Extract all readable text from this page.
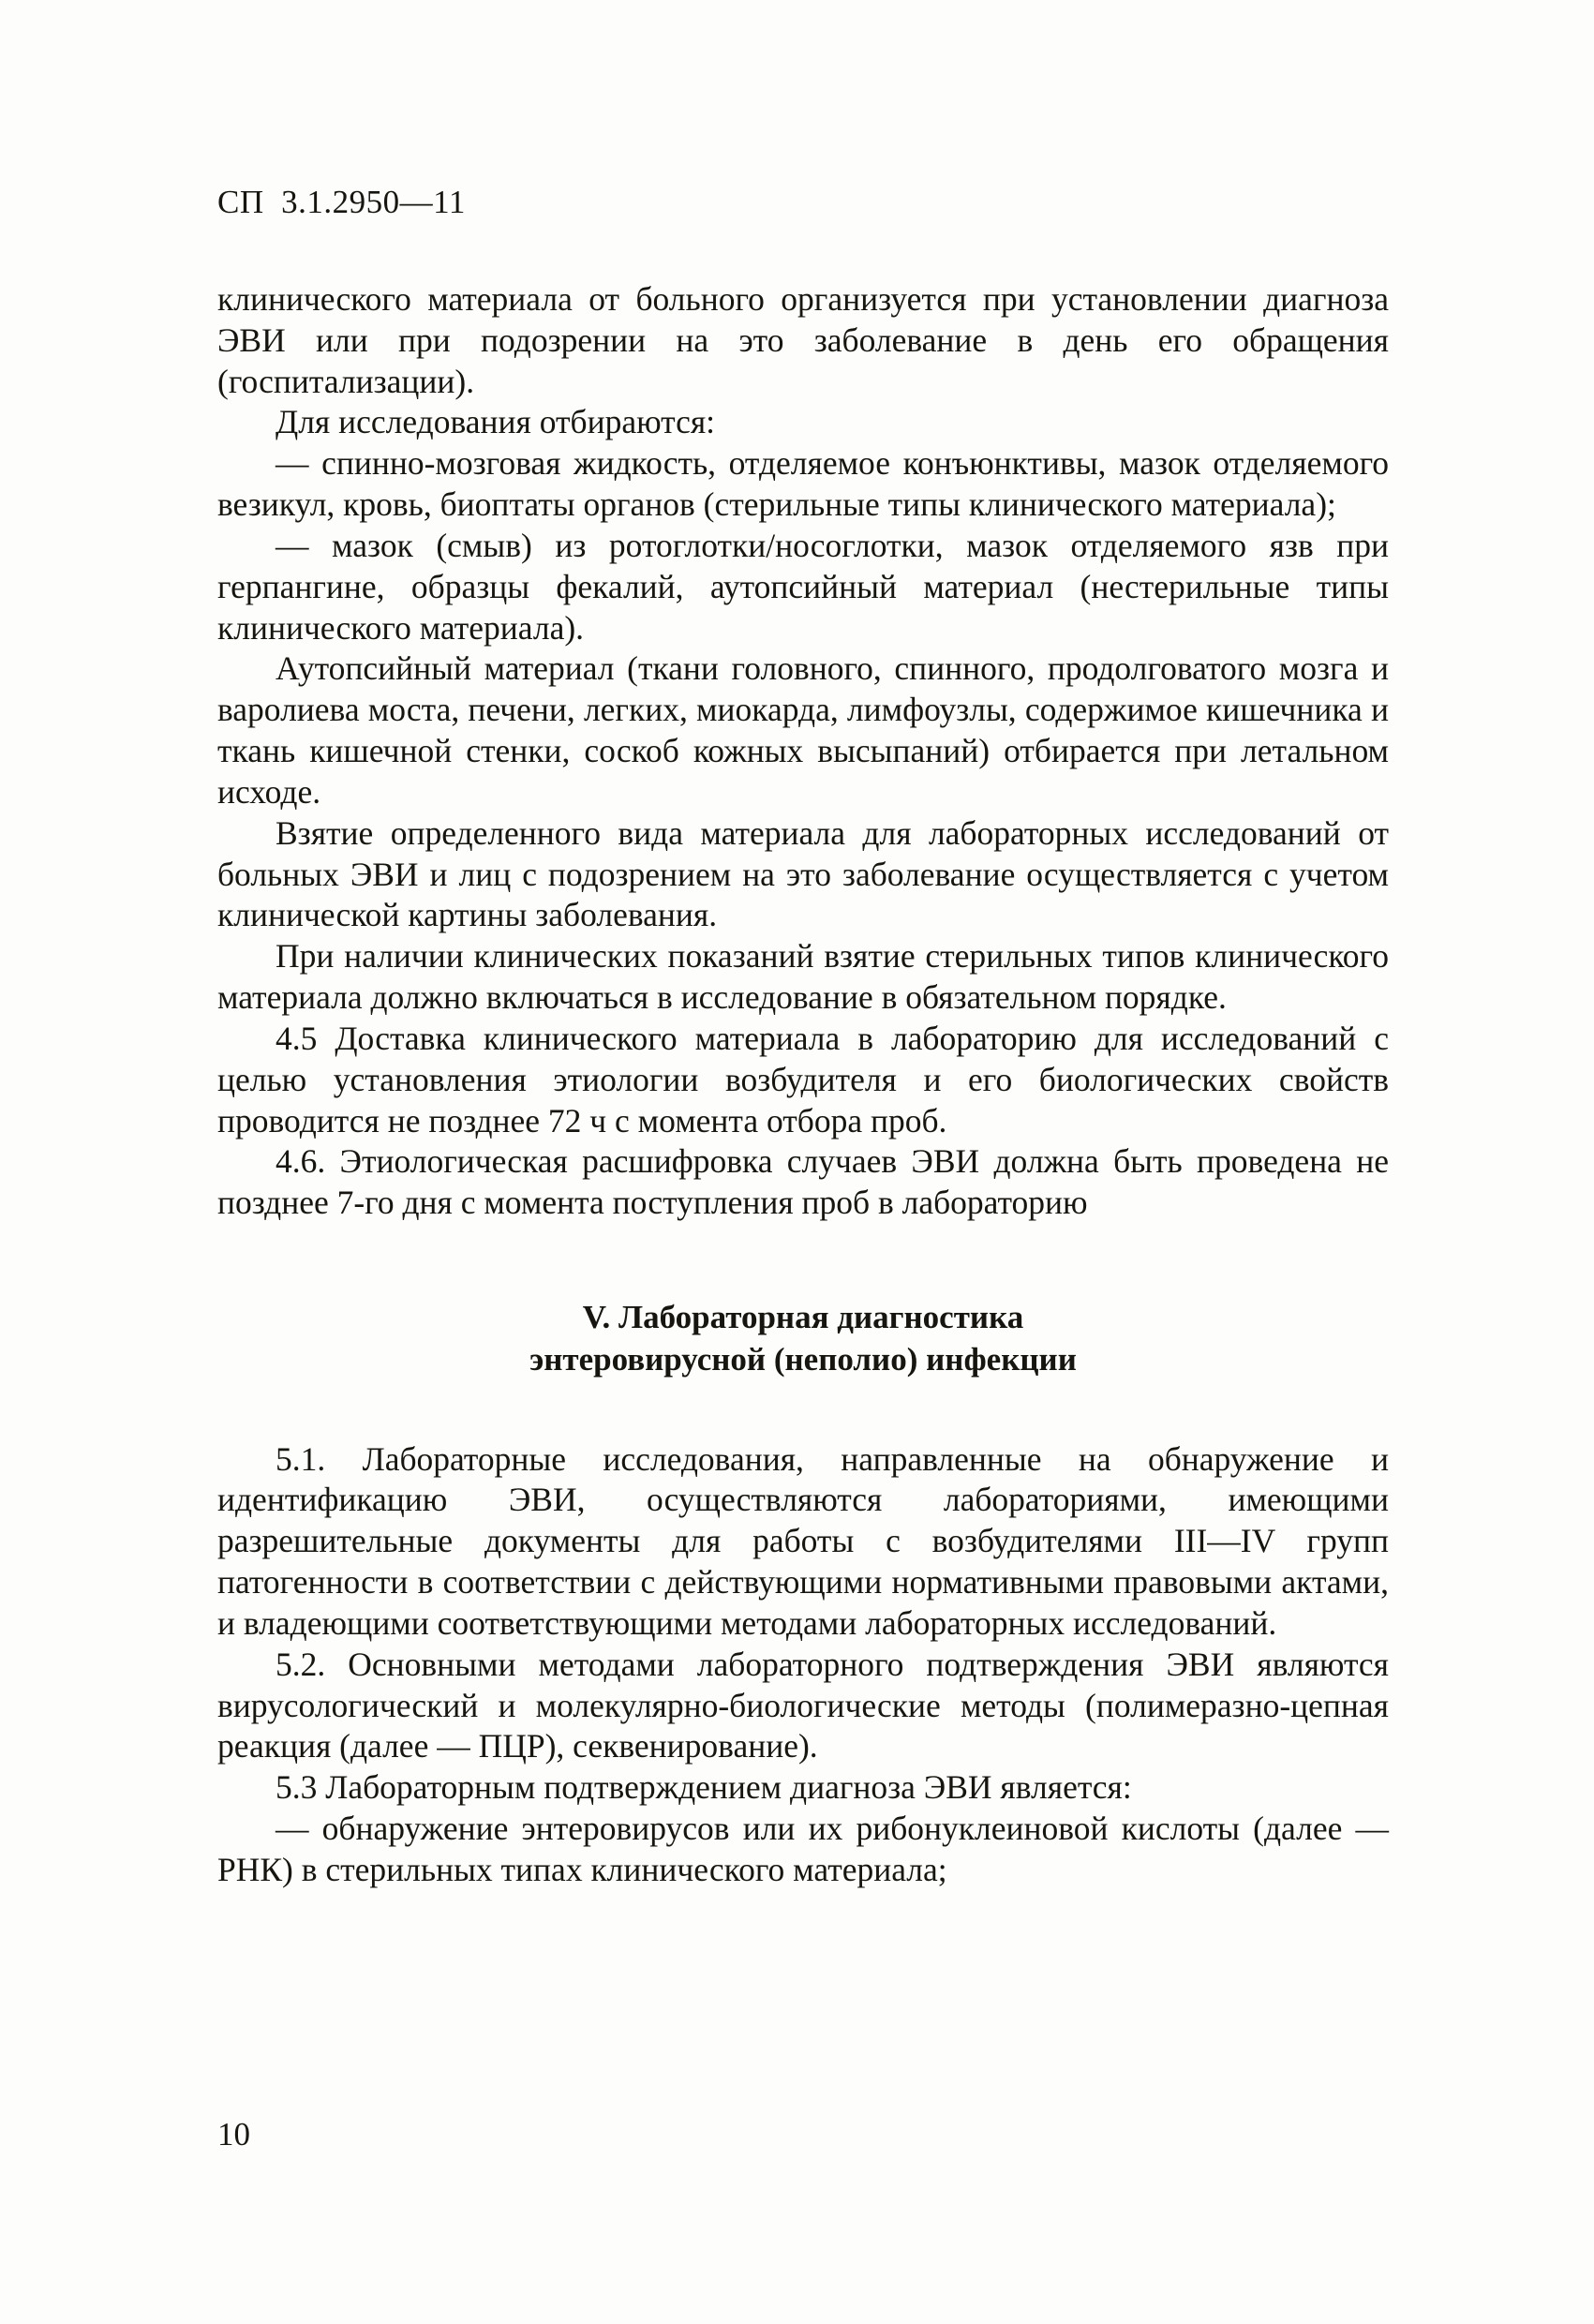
СП  3.1.2950—11

клинического материала от больного организуется при установлении диагноза ЭВИ или при подозрении на это заболевание в день его обращения (госпитализации).

Для исследования отбираются:

— спинно-мозговая жидкость, отделяемое конъюнктивы, мазок отделяемого везикул, кровь, биоптаты органов (стерильные типы клинического материала);

— мазок (смыв) из ротоглотки/носоглотки, мазок отделяемого язв при герпангине, образцы фекалий, аутопсийный материал (нестерильные типы клинического материала).

Аутопсийный материал (ткани головного, спинного, продолговатого мозга и варолиева моста, печени, легких, миокарда, лимфоузлы, содержимое кишечника и ткань кишечной стенки, соскоб кожных высыпаний) отбирается при летальном исходе.

Взятие определенного вида материала для лабораторных исследований от больных ЭВИ и лиц с подозрением на это заболевание осуществляется с учетом клинической картины заболевания.

При наличии клинических показаний взятие стерильных типов клинического материала должно включаться в исследование в обязательном порядке.

4.5 Доставка клинического материала в лабораторию для исследований с целью установления этиологии возбудителя и его биологических свойств проводится не позднее 72 ч с момента отбора проб.

4.6. Этиологическая расшифровка случаев ЭВИ должна быть проведена не позднее 7-го дня с момента поступления проб в лабораторию

V. Лабораторная диагностика
энтеровирусной (неполио) инфекции

5.1. Лабораторные исследования, направленные на обнаружение и идентификацию ЭВИ, осуществляются лабораториями, имеющими разрешительные документы для работы с возбудителями III—IV групп патогенности в соответствии с действующими нормативными правовыми актами, и владеющими соответствующими методами лабораторных исследований.

5.2. Основными методами лабораторного подтверждения ЭВИ являются вирусологический и молекулярно-биологические методы (полимеразно-цепная реакция (далее — ПЦР), секвенирование).

5.3 Лабораторным подтверждением диагноза ЭВИ является:

— обнаружение энтеровирусов или их рибонуклеиновой кислоты (далее — РНК) в стерильных типах клинического материала;

10
